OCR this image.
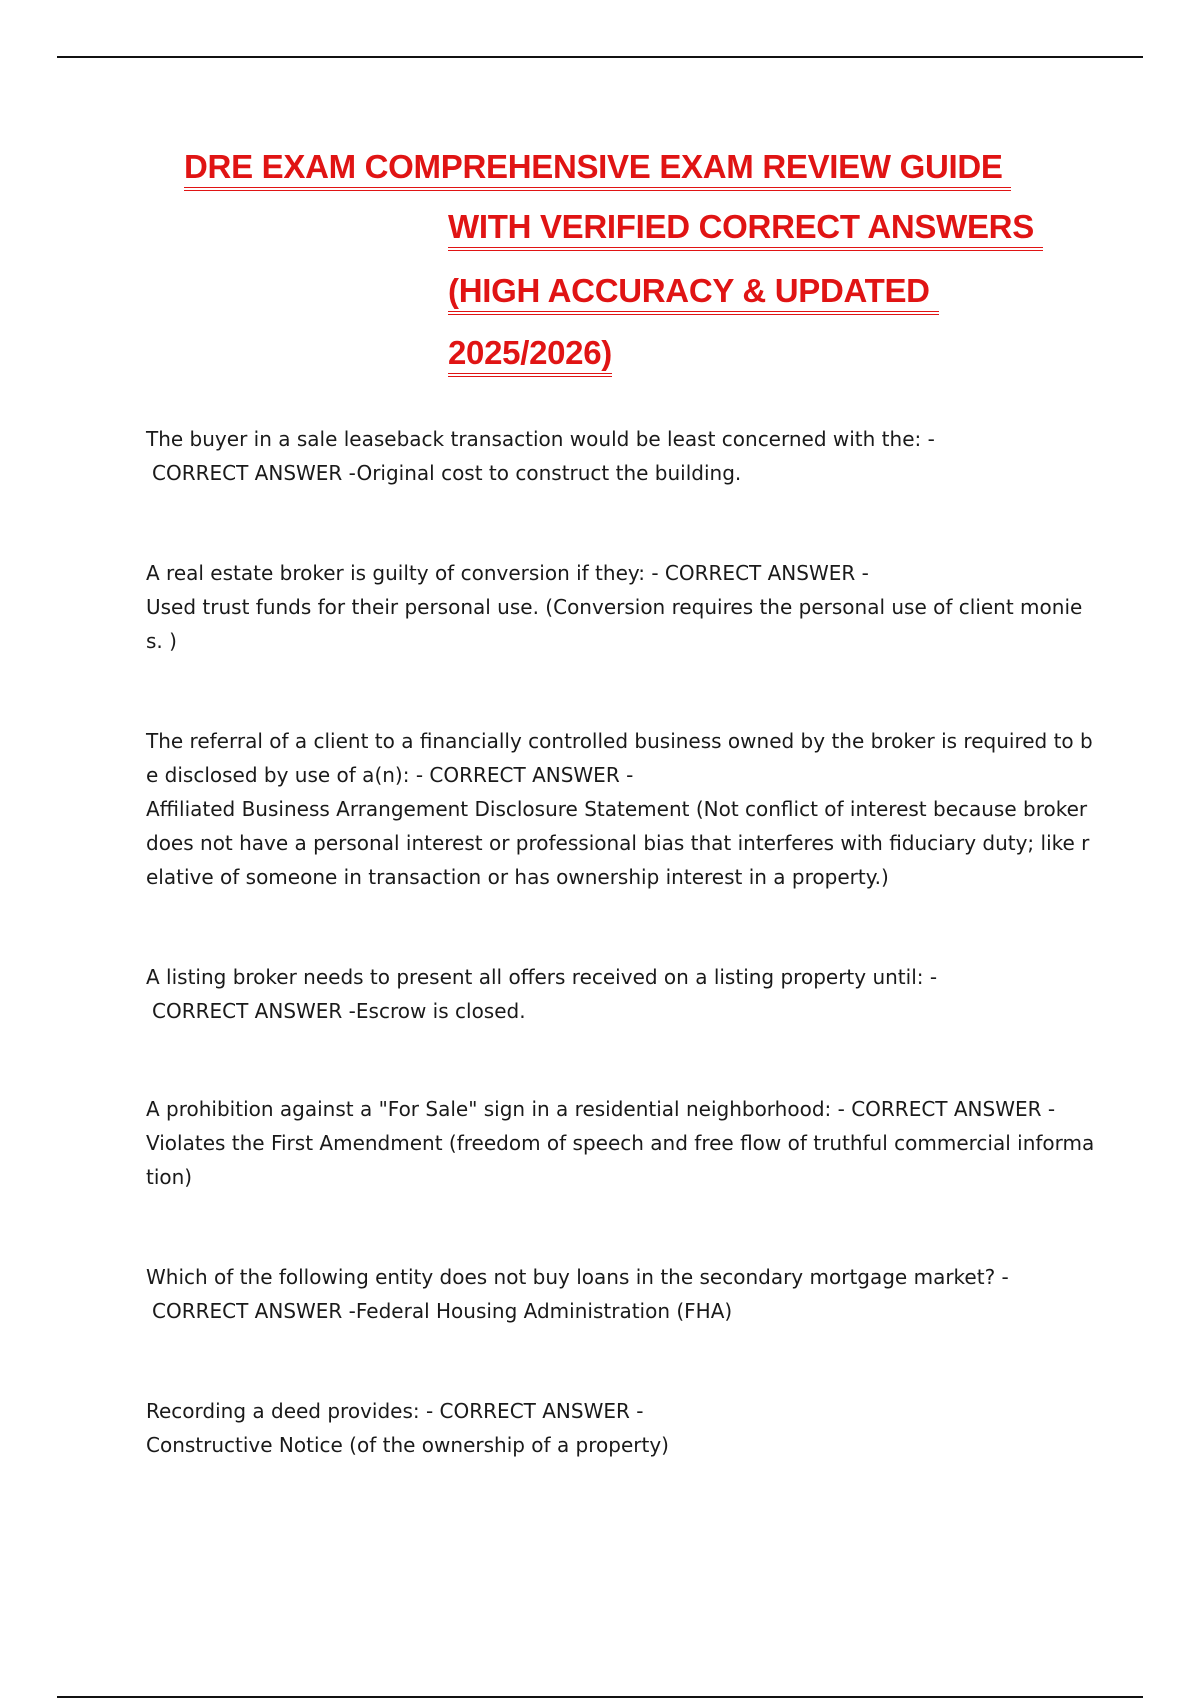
DRE EXAM COMPREHENSIVE EXAM REVIEW GUIDE
WITH VERIFIED CORRECT ANSWERS
(HIGH ACCURACY & UPDATED
2025/2026)
The buyer in a sale leaseback transaction would be least concerned with the: -
CORRECT ANSWER -Original cost to construct the building.
A real estate broker is guilty of conversion if they: - CORRECT ANSWER -
Used trust funds for their personal use. (Conversion requires the personal use of client monies. )
The referral of a client to a financially controlled business owned by the broker is required to be disclosed by use of a(n): - CORRECT ANSWER -
Affiliated Business Arrangement Disclosure Statement (Not conflict of interest because broker does not have a personal interest or professional bias that interferes with fiduciary duty; like relative of someone in transaction or has ownership interest in a property.)
A listing broker needs to present all offers received on a listing property until: -
CORRECT ANSWER -Escrow is closed.
A prohibition against a "For Sale" sign in a residential neighborhood: - CORRECT ANSWER -
Violates the First Amendment (freedom of speech and free flow of truthful commercial information)
Which of the following entity does not buy loans in the secondary mortgage market? -
CORRECT ANSWER -Federal Housing Administration (FHA)
Recording a deed provides: - CORRECT ANSWER -
Constructive Notice (of the ownership of a property)
